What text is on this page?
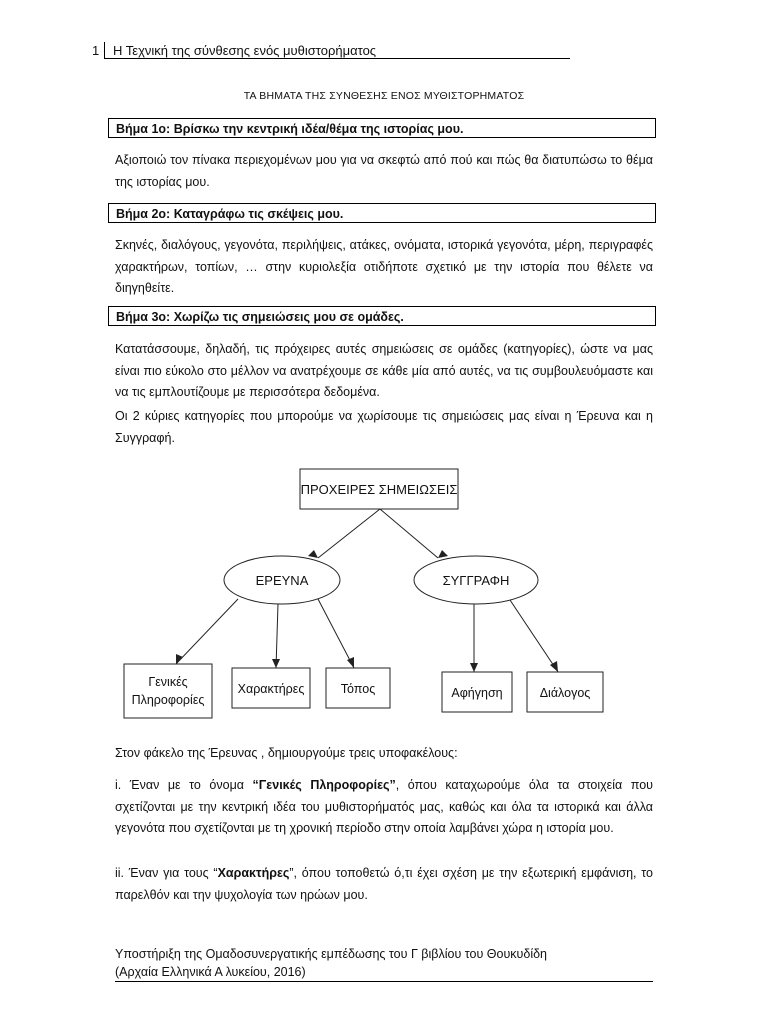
1 Η Τεχνική της σύνθεσης ενός μυθιστορήματος
ΤΑ ΒΗΜΑΤΑ ΤΗΣ ΣΥΝΘΕΣΗΣ ΕΝΟΣ ΜΥΘΙΣΤΟΡΗΜΑΤΟΣ
Βήμα 1ο: Βρίσκω την κεντρική ιδέα/θέμα της ιστορίας μου.
Αξιοποιώ τον πίνακα περιεχομένων μου για να σκεφτώ από πού και πώς θα διατυπώσω το θέμα της ιστορίας μου.
Βήμα 2ο: Καταγράφω τις σκέψεις μου.
Σκηνές, διαλόγους, γεγονότα, περιλήψεις, ατάκες, ονόματα, ιστορικά γεγονότα, μέρη, περιγραφές χαρακτήρων, τοπίων, … στην κυριολεξία οτιδήποτε σχετικό με την ιστορία που θέλετε να διηγηθείτε.
Βήμα 3ο: Χωρίζω τις σημειώσεις μου σε ομάδες.
Κατατάσσουμε, δηλαδή, τις πρόχειρες αυτές σημειώσεις σε ομάδες (κατηγορίες), ώστε να μας είναι πιο εύκολο στο μέλλον να ανατρέχουμε σε κάθε μία από αυτές, να τις συμβουλευόμαστε και να τις εμπλουτίζουμε με περισσότερα δεδομένα.
Οι 2 κύριες κατηγορίες που μπορούμε να χωρίσουμε τις σημειώσεις μας είναι η Έρευνα και η Συγγραφή.
ΠΡΟΧΕΙΡΕΣ ΣΗΜΕΙΩΣΕΙΣ
ΕΡΕΥΝΑ	ΣΥΓΓΡΑΦΗ
Γενικές
Πληροφορίες
Χαρακτήρες	Τόπος	Αφήγηση	Διάλογος
Στον φάκελο της Έρευνας , δημιουργούμε τρεις υποφακέλους:
i. Έναν με το όνομα “Γενικές Πληροφορίες”, όπου καταχωρούμε όλα τα στοιχεία που σχετίζονται με την κεντρική ιδέα του μυθιστορήματός μας, καθώς και όλα τα ιστορικά και άλλα γεγονότα που σχετίζονται με τη χρονική περίοδο στην οποία λαμβάνει χώρα η ιστορία μου.
ii. Έναν για τους “Χαρακτήρες”, όπου τοποθετώ ό,τι έχει σχέση με την εξωτερική εμφάνιση, το παρελθόν και την ψυχολογία των ηρώων μου.
Υποστήριξη της Ομαδοσυνεργατικής εμπέδωσης του Γ βιβλίου του Θουκυδίδη
(Αρχαία Ελληνικά Α λυκείου, 2016)
